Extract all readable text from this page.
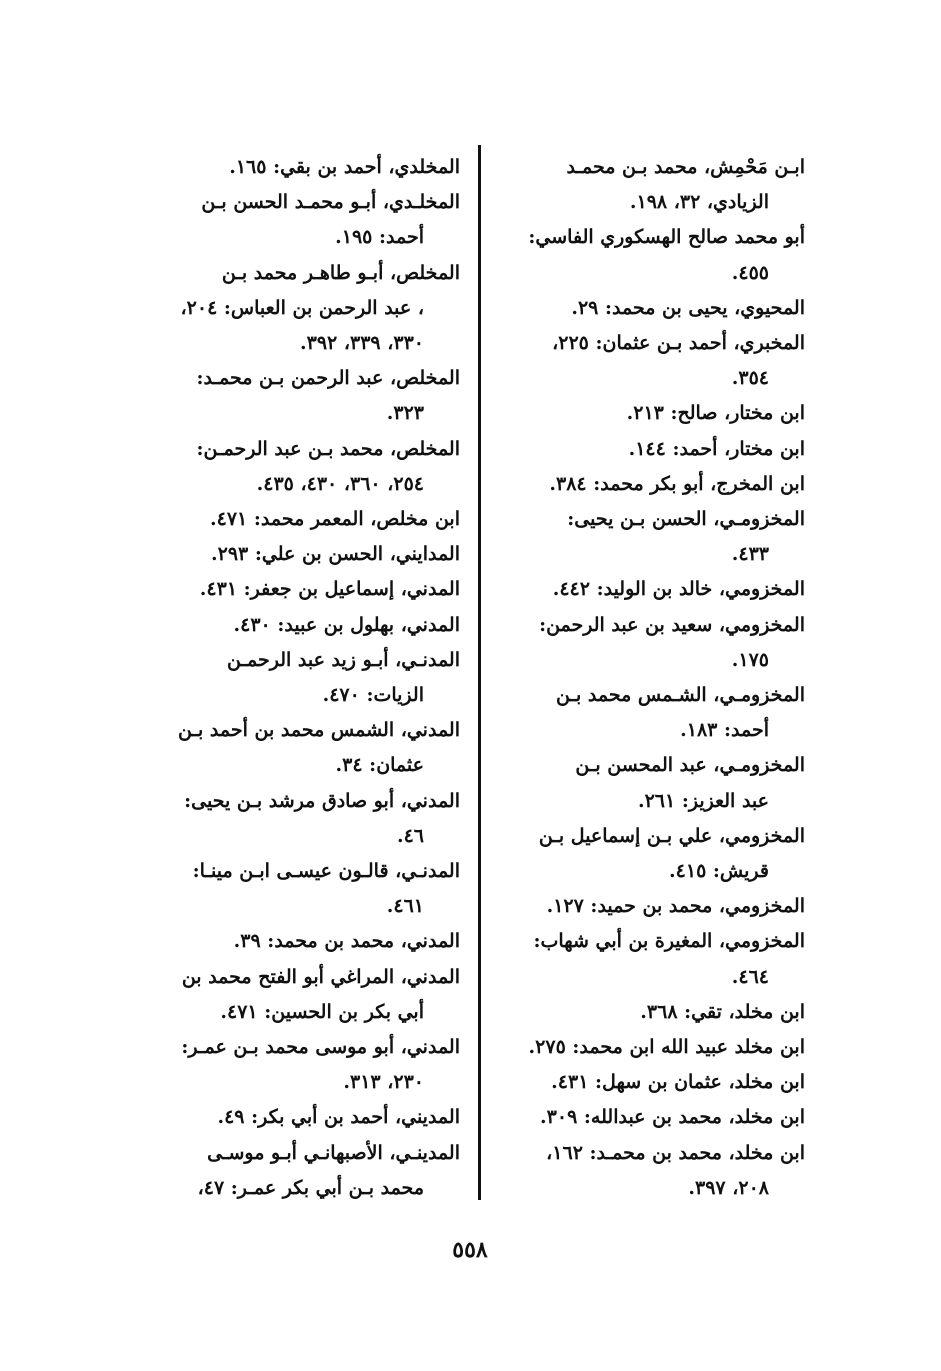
ابـن مَحْمِش، محمد بـن محمـد
الزيادي، ٣٢، ١٩٨.
أبو محمد صالح الهسكوري الفاسي:
٤٥٥.
المحيوي، يحيى بن محمد: ٢٩.
المخبري، أحمد بـن عثمان: ٢٢٥،
٣٥٤.
ابن مختار، صالح: ٢١٣.
ابن مختار، أحمد: ١٤٤.
ابن المخرج، أبو بكر محمد: ٣٨٤.
المخزومـي، الحسن بـن يحيى:
٤٣٣.
المخزومي، خالد بن الوليد: ٤٤٢.
المخزومي، سعيد بن عبد الرحمن:
١٧٥.
المخزومـي، الشـمس محمد بـن
أحمد: ١٨٣.
المخزومـي، عبد المحسن بـن
عبد العزيز: ٢٦١.
المخزومي، علي بـن إسماعيل بـن
قريش: ٤١٥.
المخزومي، محمد بن حميد: ١٢٧.
المخزومي، المغيرة بن أبي شهاب:
٤٦٤.
ابن مخلد، تقي: ٣٦٨.
ابن مخلد عبيد الله ابن محمد: ٢٧٥.
ابن مخلد، عثمان بن سهل: ٤٣١.
ابن مخلد، محمد بن عبدالله: ٣٠٩.
ابن مخلد، محمد بن محمـد: ١٦٢،
٢٠٨، ٣٩٧.
المخلدي، أحمد بن بقي: ١٦٥.
المخلـدي، أبـو محمـد الحسن بـن
أحمد: ١٩٥.
المخلص، أبـو طاهـر محمد بـن
، عبد الرحمن بن العباس: ٢٠٤،
٣٣٠، ٣٣٩، ٣٩٢.
المخلص، عبد الرحمن بـن محمـد:
٣٢٣.
المخلص، محمد بـن عبد الرحمـن:
٢٥٤، ٣٦٠، ٤٣٠، ٤٣٥.
ابن مخلص، المعمر محمد: ٤٧١.
المدايني، الحسن بن علي: ٢٩٣.
المدني، إسماعيل بن جعفر: ٤٣١.
المدني، بهلول بن عبيد: ٤٣٠.
المدنـي، أبـو زيد عبد الرحمـن
الزيات: ٤٧٠.
المدني، الشمس محمد بن أحمد بـن
عثمان: ٣٤.
المدني، أبو صادق مرشد بـن يحيى:
٤٦.
المدنـي، قالـون عيسـى ابـن مينـا:
٤٦١.
المدني، محمد بن محمد: ٣٩.
المدني، المراغي أبو الفتح محمد بن
أبي بكر بن الحسين: ٤٧١.
المدني، أبو موسى محمد بـن عمـر:
٢٣٠، ٣١٣.
المديني، أحمد بن أبي بكر: ٤٩.
المدينـي، الأصبهانـي أبـو موسـى
محمد بـن أبي بكر عمـر: ٤٧،
٥٥٨
